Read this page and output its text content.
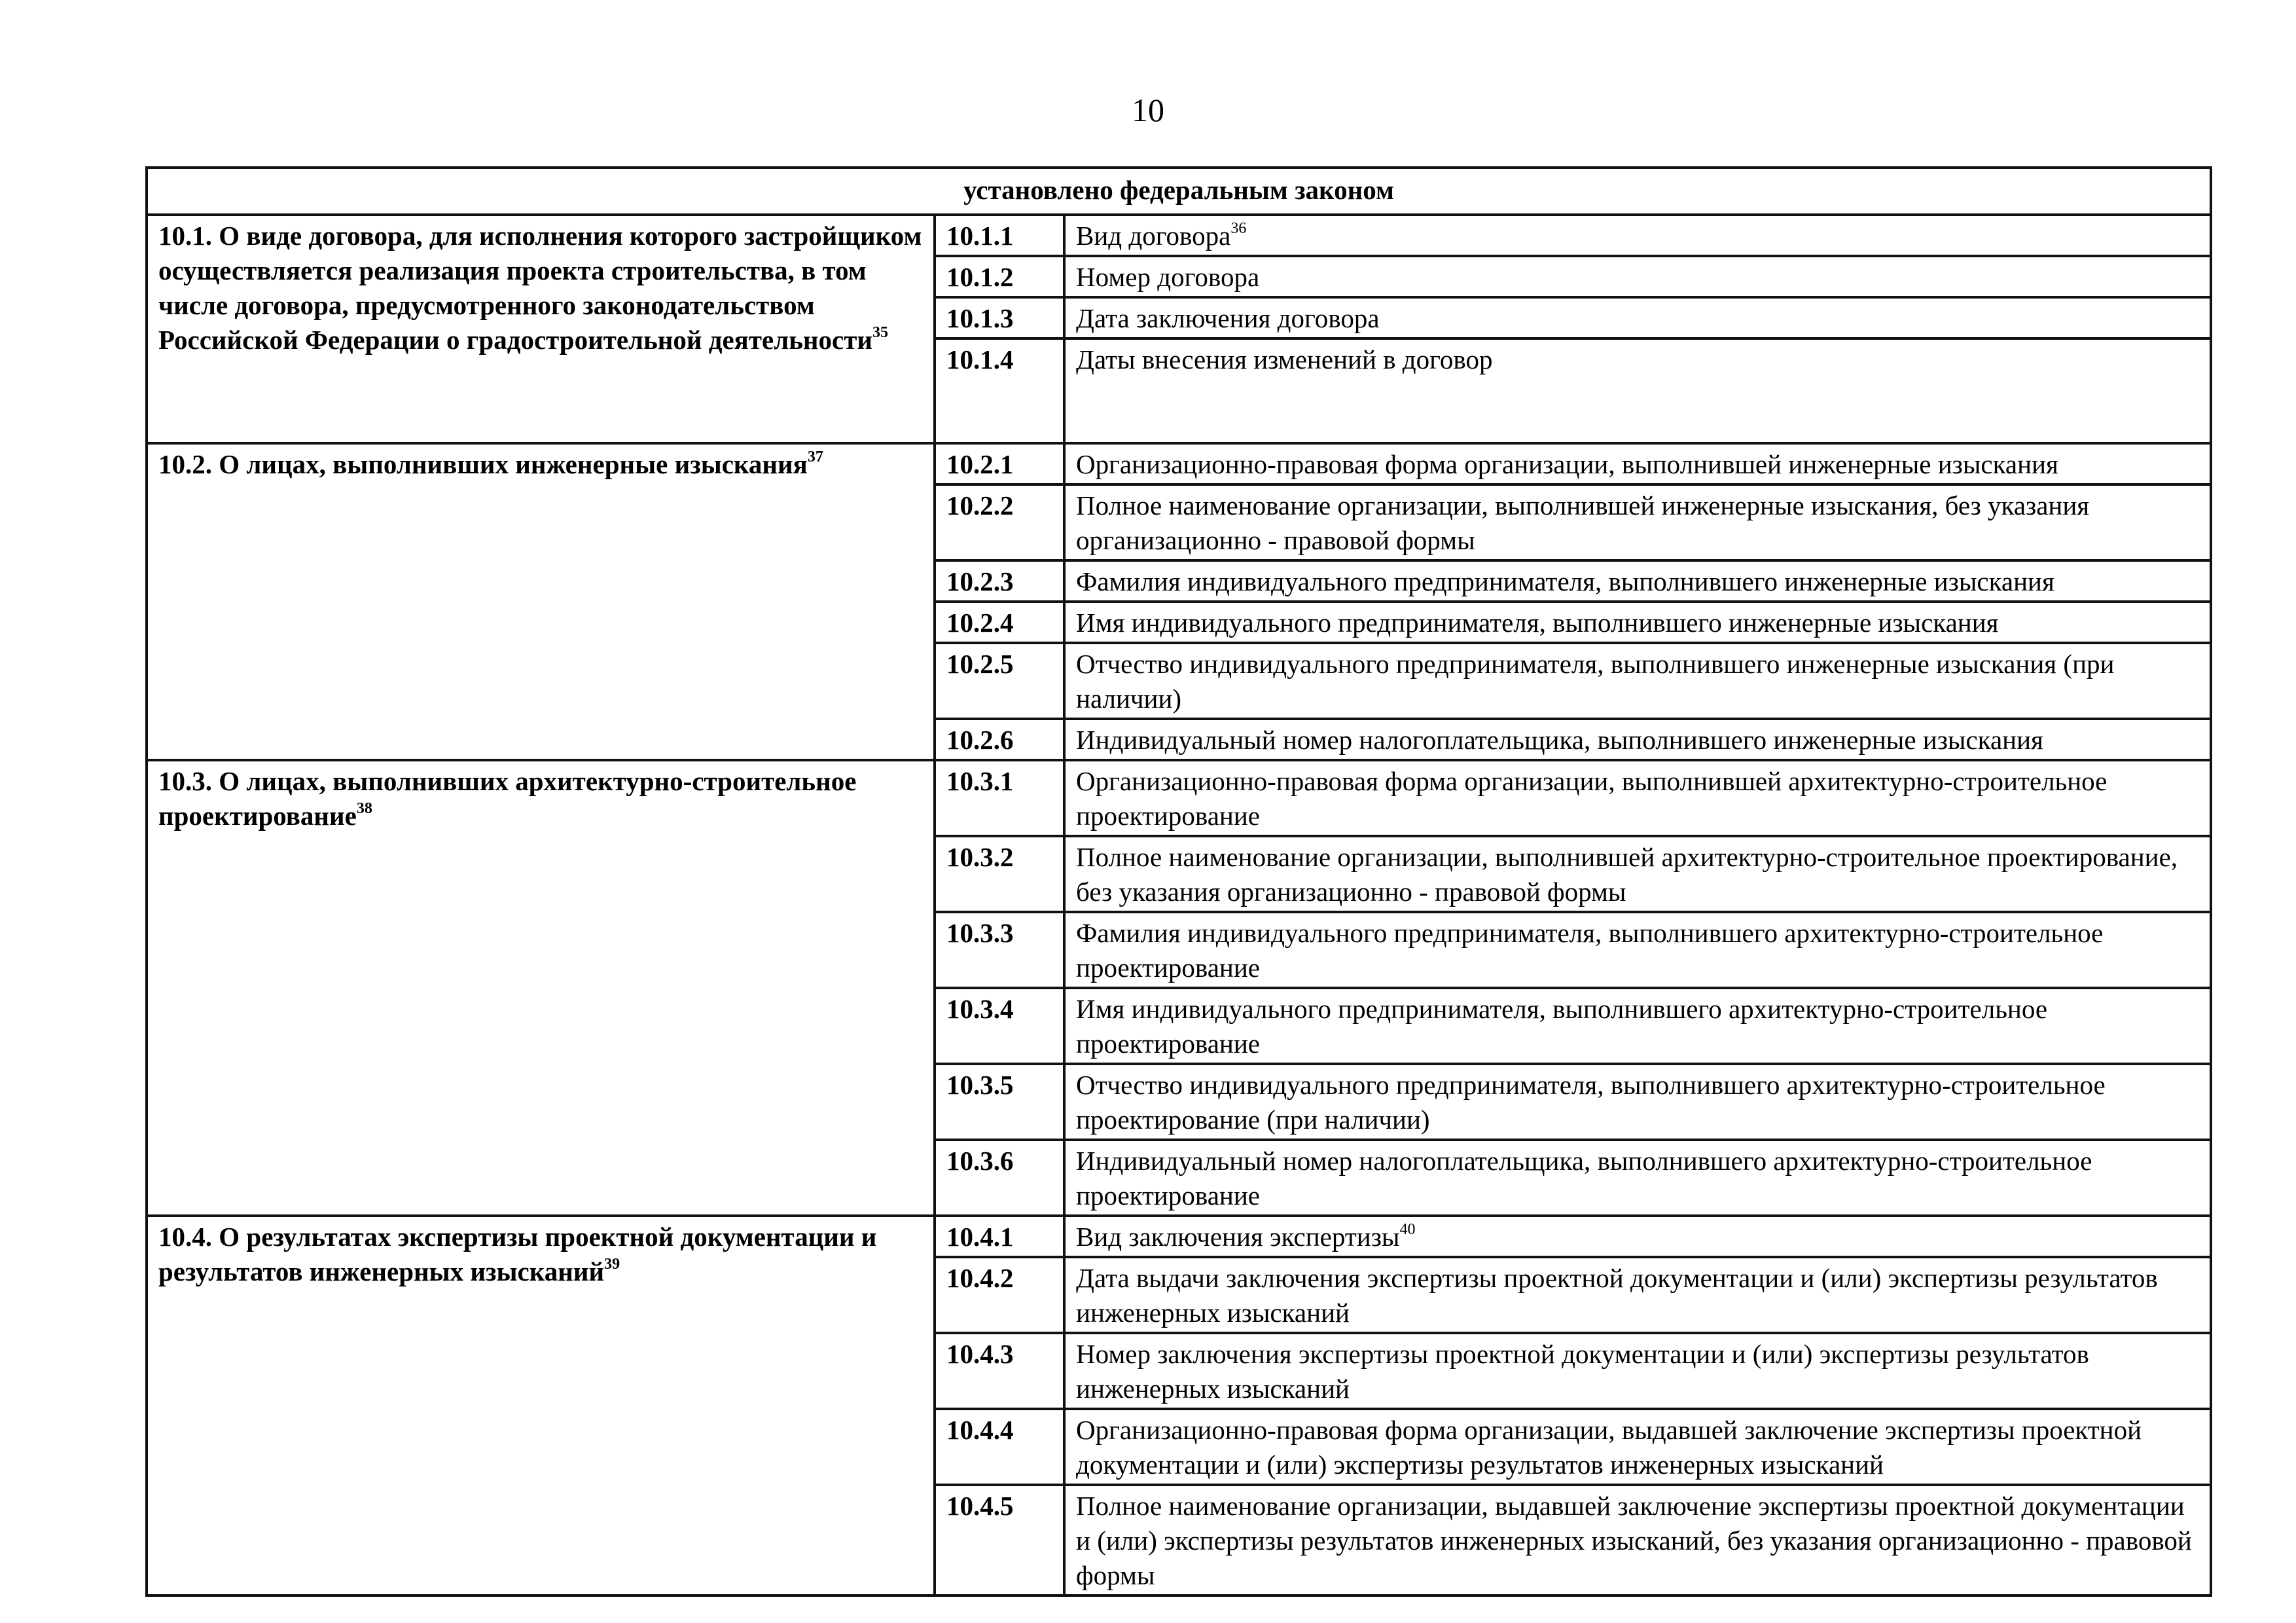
10
установлено федеральным законом		
10.1. О виде договора, для исполнения которого застройщиком осуществляется реализация проекта строительства, в том числе договора, предусмотренного законодательством Российской Федерации о градостроительной деятельности$^{35}$	10.1.1	Вид договора$^{36}$
	10.1.2	Номер договора
	10.1.3	Дата заключения договора
	10.1.4	Даты внесения изменений в договор
10.2. О лицах, выполнивших инженерные изыскания$^{37}$	10.2.1	Организационно-правовая форма организации, выполнившей инженерные изыскания
	10.2.2	Полное наименование организации, выполнившей инженерные изыскания, без указания организационно - правовой формы
	10.2.3	Фамилия индивидуального предпринимателя, выполнившего инженерные изыскания
	10.2.4	Имя индивидуального предпринимателя, выполнившего инженерные изыскания
	10.2.5	Отчество индивидуального предпринимателя, выполнившего инженерные изыскания (при наличии)
	10.2.6	Индивидуальный номер налогоплательщика, выполнившего инженерные изыскания
10.3. О лицах, выполнивших архитектурно-строительное проектирование$^{38}$	10.3.1	Организационно-правовая форма организации, выполнившей архитектурно-строительное проектирование
	10.3.2	Полное наименование организации, выполнившей архитектурно-строительное проектирование, без указания организационно - правовой формы
	10.3.3	Фамилия индивидуального предпринимателя, выполнившего архитектурно-строительное проектирование
	10.3.4	Имя индивидуального предпринимателя, выполнившего архитектурно-строительное проектирование
	10.3.5	Отчество индивидуального предпринимателя, выполнившего архитектурно-строительное проектирование (при наличии)
	10.3.6	Индивидуальный номер налогоплательщика, выполнившего архитектурно-строительное проектирование
10.4. О результатах экспертизы проектной документации и результатов инженерных изысканий$^{39}$	10.4.1	Вид заключения экспертизы$^{40}$
	10.4.2	Дата выдачи заключения экспертизы проектной документации и (или) экспертизы результатов инженерных изысканий
	10.4.3	Номер заключения экспертизы проектной документации и (или) экспертизы результатов инженерных изысканий
	10.4.4	Организационно-правовая форма организации, выдавшей заключение экспертизы проектной документации и (или) экспертизы результатов инженерных изысканий
	10.4.5	Полное наименование организации, выдавшей заключение экспертизы проектной документации и (или) экспертизы результатов инженерных изысканий, без указания организационно - правовой формы
